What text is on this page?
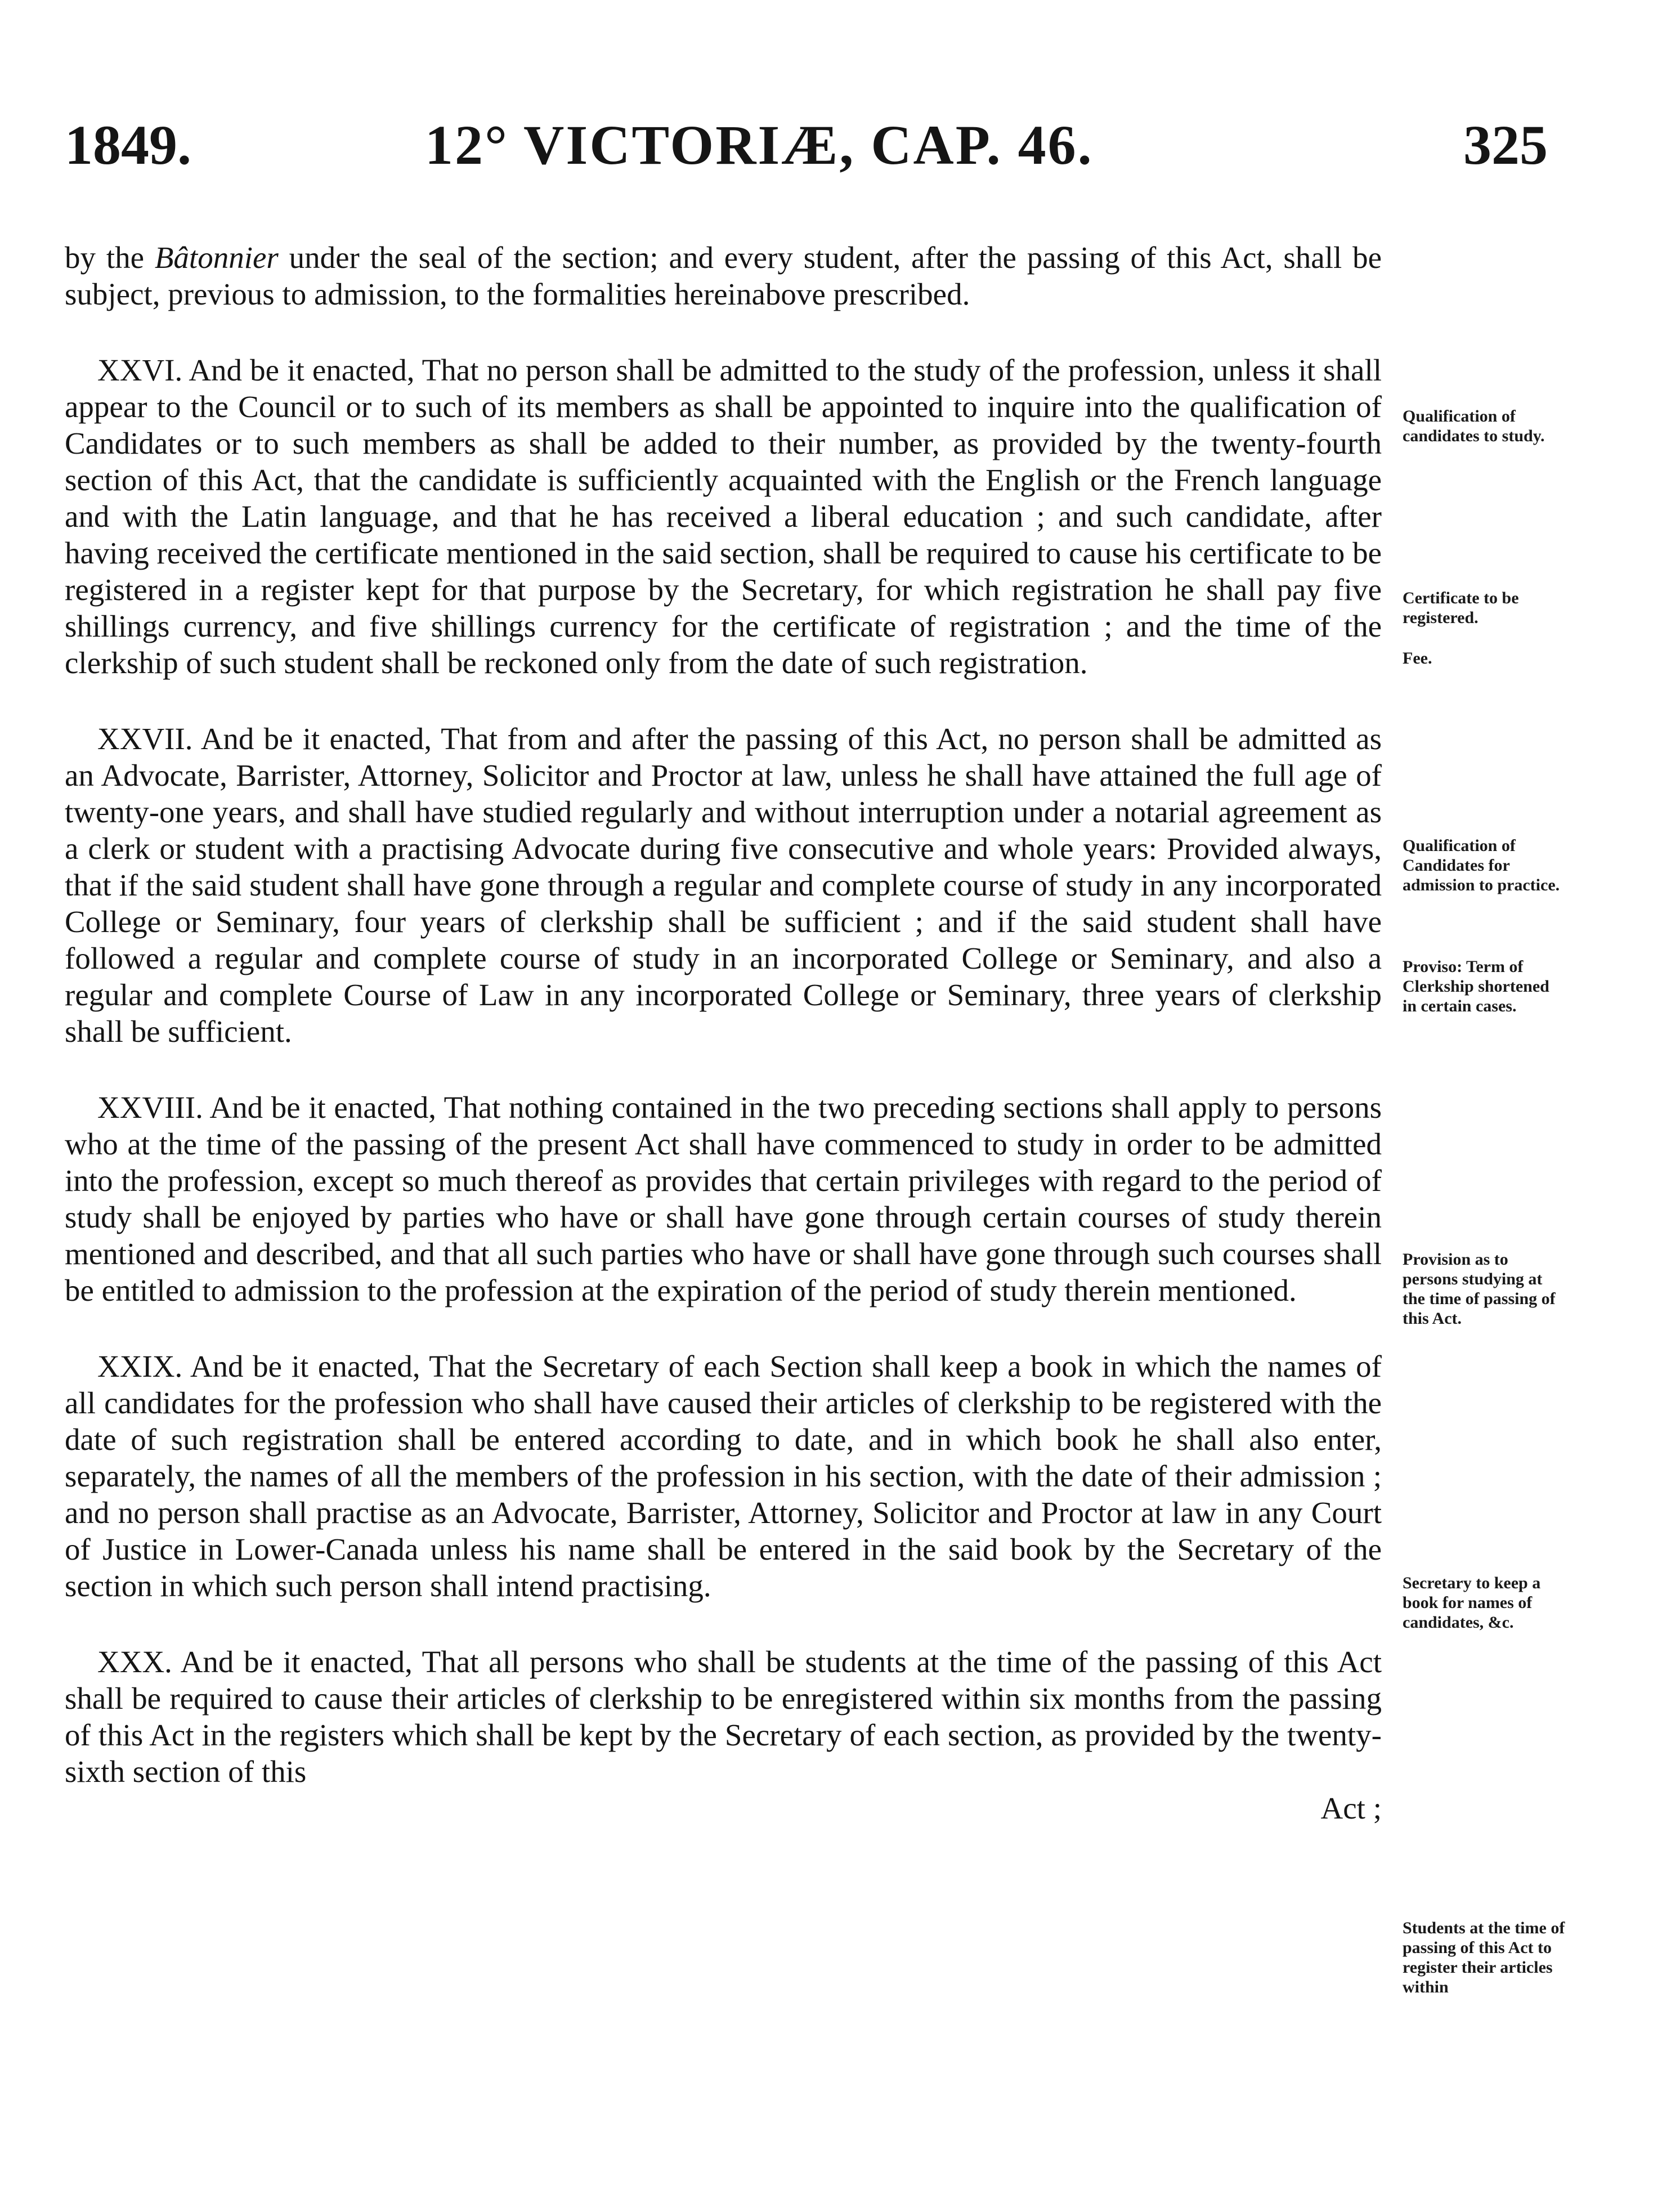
1849.	12° VICTORIÆ, CAP. 46.	325

by the Bâtonnier under the seal of the section; and every student, after the passing of this Act, shall be subject, previous to admission, to the formalities hereinabove prescribed.

XXVI. And be it enacted, That no person shall be admitted to the study of the profession, unless it shall appear to the Council or to such of its members as shall be appointed to inquire into the qualification of Candidates or to such members as shall be added to their number, as provided by the twenty-fourth section of this Act, that the candidate is sufficiently acquainted with the English or the French language and with the Latin language, and that he has received a liberal education ; and such candidate, after having received the certificate mentioned in the said section, shall be required to cause his certificate to be registered in a register kept for that purpose by the Secretary, for which registration he shall pay five shillings currency, and five shillings currency for the certificate of registration ; and the time of the clerkship of such student shall be reckoned only from the date of such registration.

XXVII. And be it enacted, That from and after the passing of this Act, no person shall be admitted as an Advocate, Barrister, Attorney, Solicitor and Proctor at law, unless he shall have attained the full age of twenty-one years, and shall have studied regularly and without interruption under a notarial agreement as a clerk or student with a practising Advocate during five consecutive and whole years: Provided always, that if the said student shall have gone through a regular and complete course of study in any incorporated College or Seminary, four years of clerkship shall be sufficient ; and if the said student shall have followed a regular and complete course of study in an incorporated College or Seminary, and also a regular and complete Course of Law in any incorporated College or Seminary, three years of clerkship shall be sufficient.

XXVIII. And be it enacted, That nothing contained in the two preceding sections shall apply to persons who at the time of the passing of the present Act shall have commenced to study in order to be admitted into the profession, except so much thereof as provides that certain privileges with regard to the period of study shall be enjoyed by parties who have or shall have gone through certain courses of study therein mentioned and described, and that all such parties who have or shall have gone through such courses shall be entitled to admission to the profession at the expiration of the period of study therein mentioned.

XXIX. And be it enacted, That the Secretary of each Section shall keep a book in which the names of all candidates for the profession who shall have caused their articles of clerkship to be registered with the date of such registration shall be entered according to date, and in which book he shall also enter, separately, the names of all the members of the profession in his section, with the date of their admission ; and no person shall practise as an Advocate, Barrister, Attorney, Solicitor and Proctor at law in any Court of Justice in Lower-Canada unless his name shall be entered in the said book by the Secretary of the section in which such person shall intend practising.

XXX. And be it enacted, That all persons who shall be students at the time of the passing of this Act shall be required to cause their articles of clerkship to be enregistered within six months from the passing of this Act in the registers which shall be kept by the Secretary of each section, as provided by the twenty-sixth section of this

Act ;

Qualification of candidates to study.
Certificate to be registered.
Fee.
Qualification of Candidates for admission to practice.
Proviso: Term of Clerkship shortened in certain cases.
Provision as to persons studying at the time of passing of this Act.
Secretary to keep a book for names of candidates, &c.
Students at the time of passing of this Act to register their articles within
